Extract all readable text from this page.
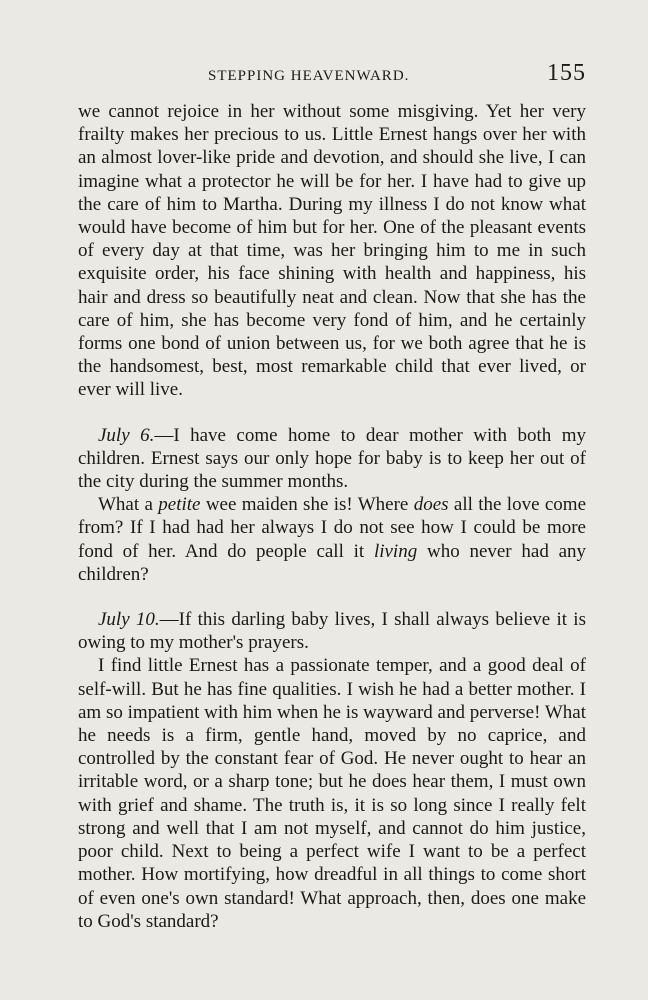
STEPPING HEAVENWARD.	155

we cannot rejoice in her without some misgiving. Yet her very frailty makes her precious to us. Little Ernest hangs over her with an almost lover-like pride and devotion, and should she live, I can imagine what a protector he will be for her. I have had to give up the care of him to Martha. During my illness I do not know what would have become of him but for her. One of the pleasant events of every day at that time, was her bringing him to me in such exquisite order, his face shining with health and happiness, his hair and dress so beautifully neat and clean. Now that she has the care of him, she has become very fond of him, and he certainly forms one bond of union between us, for we both agree that he is the handsomest, best, most remarkable child that ever lived, or ever will live.

July 6.—I have come home to dear mother with both my children. Ernest says our only hope for baby is to keep her out of the city during the summer months.

What a petite wee maiden she is! Where does all the love come from? If I had had her always I do not see how I could be more fond of her. And do people call it living who never had any children?

July 10.—If this darling baby lives, I shall always believe it is owing to my mother's prayers.

I find little Ernest has a passionate temper, and a good deal of self-will. But he has fine qualities. I wish he had a better mother. I am so impatient with him when he is wayward and perverse! What he needs is a firm, gentle hand, moved by no caprice, and controlled by the constant fear of God. He never ought to hear an irritable word, or a sharp tone; but he does hear them, I must own with grief and shame. The truth is, it is so long since I really felt strong and well that I am not myself, and cannot do him justice, poor child. Next to being a perfect wife I want to be a perfect mother. How mortifying, how dreadful in all things to come short of even one's own standard! What approach, then, does one make to God's standard?
